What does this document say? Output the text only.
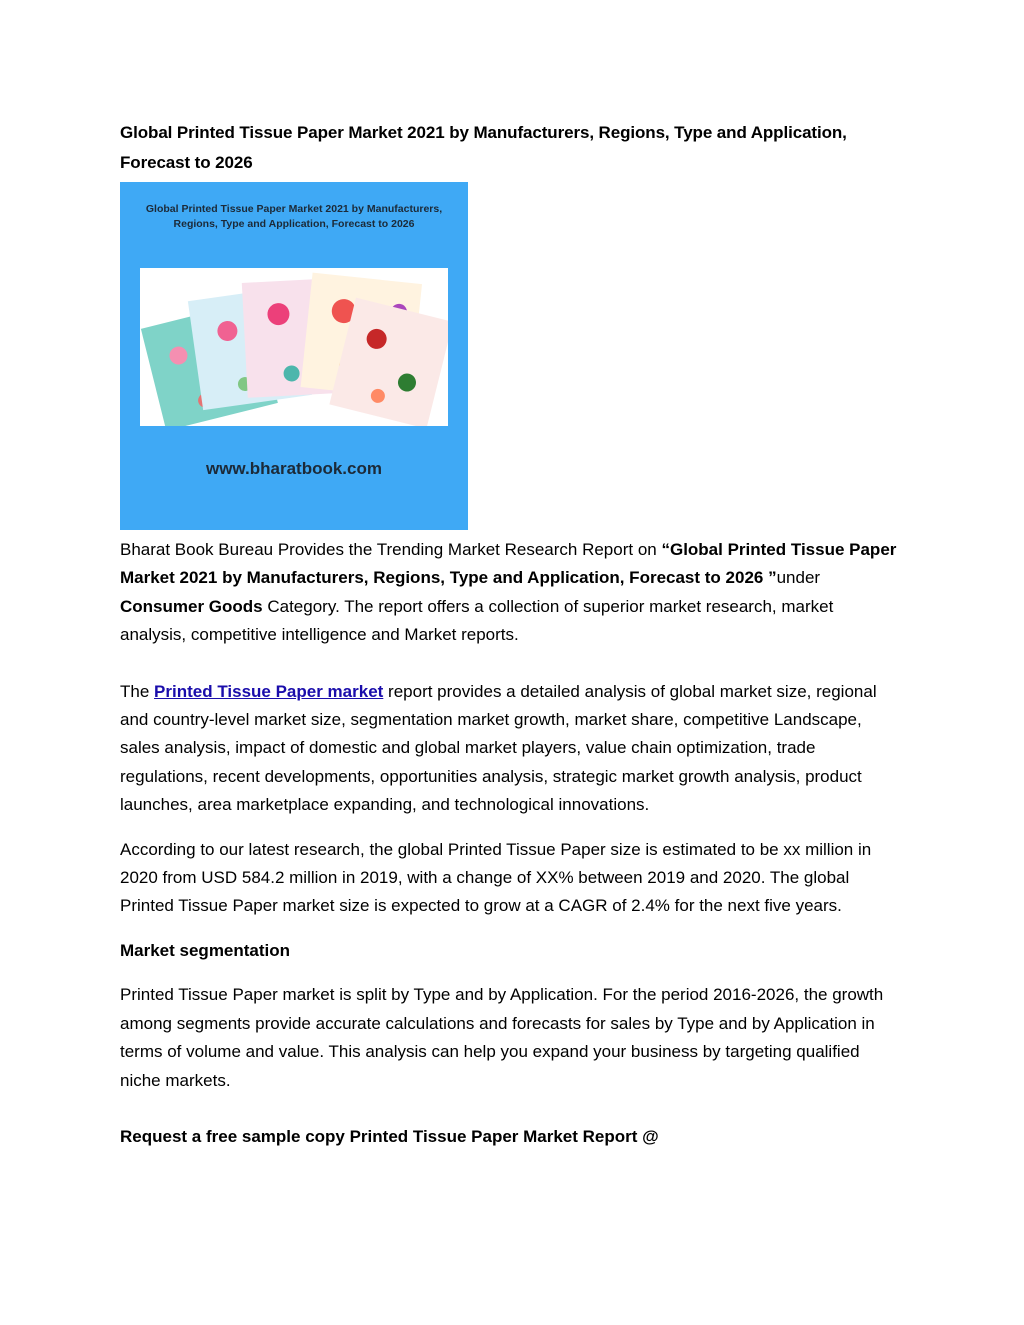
Global Printed Tissue Paper Market 2021 by Manufacturers, Regions, Type and Application, Forecast to 2026
Global Printed Tissue Paper Market 2021 by Manufacturers, Regions, Type and Application, Forecast to 2026
www.bharatbook.com

Bharat Book Bureau Provides the Trending Market Research Report on “Global Printed Tissue Paper Market 2021 by Manufacturers, Regions, Type and Application, Forecast to 2026 ”under Consumer Goods Category. The report offers a collection of superior market research, market analysis, competitive intelligence and Market reports.

The Printed Tissue Paper market report provides a detailed analysis of global market size, regional and country-level market size, segmentation market growth, market share, competitive Landscape, sales analysis, impact of domestic and global market players, value chain optimization, trade regulations, recent developments, opportunities analysis, strategic market growth analysis, product launches, area marketplace expanding, and technological innovations.

According to our latest research, the global Printed Tissue Paper size is estimated to be xx million in 2020 from USD 584.2 million in 2019, with a change of XX% between 2019 and 2020. The global Printed Tissue Paper market size is expected to grow at a CAGR of 2.4% for the next five years.

Market segmentation

Printed Tissue Paper market is split by Type and by Application. For the period 2016-2026, the growth among segments provide accurate calculations and forecasts for sales by Type and by Application in terms of volume and value. This analysis can help you expand your business by targeting qualified niche markets.

Request a free sample copy Printed Tissue Paper Market Report @
